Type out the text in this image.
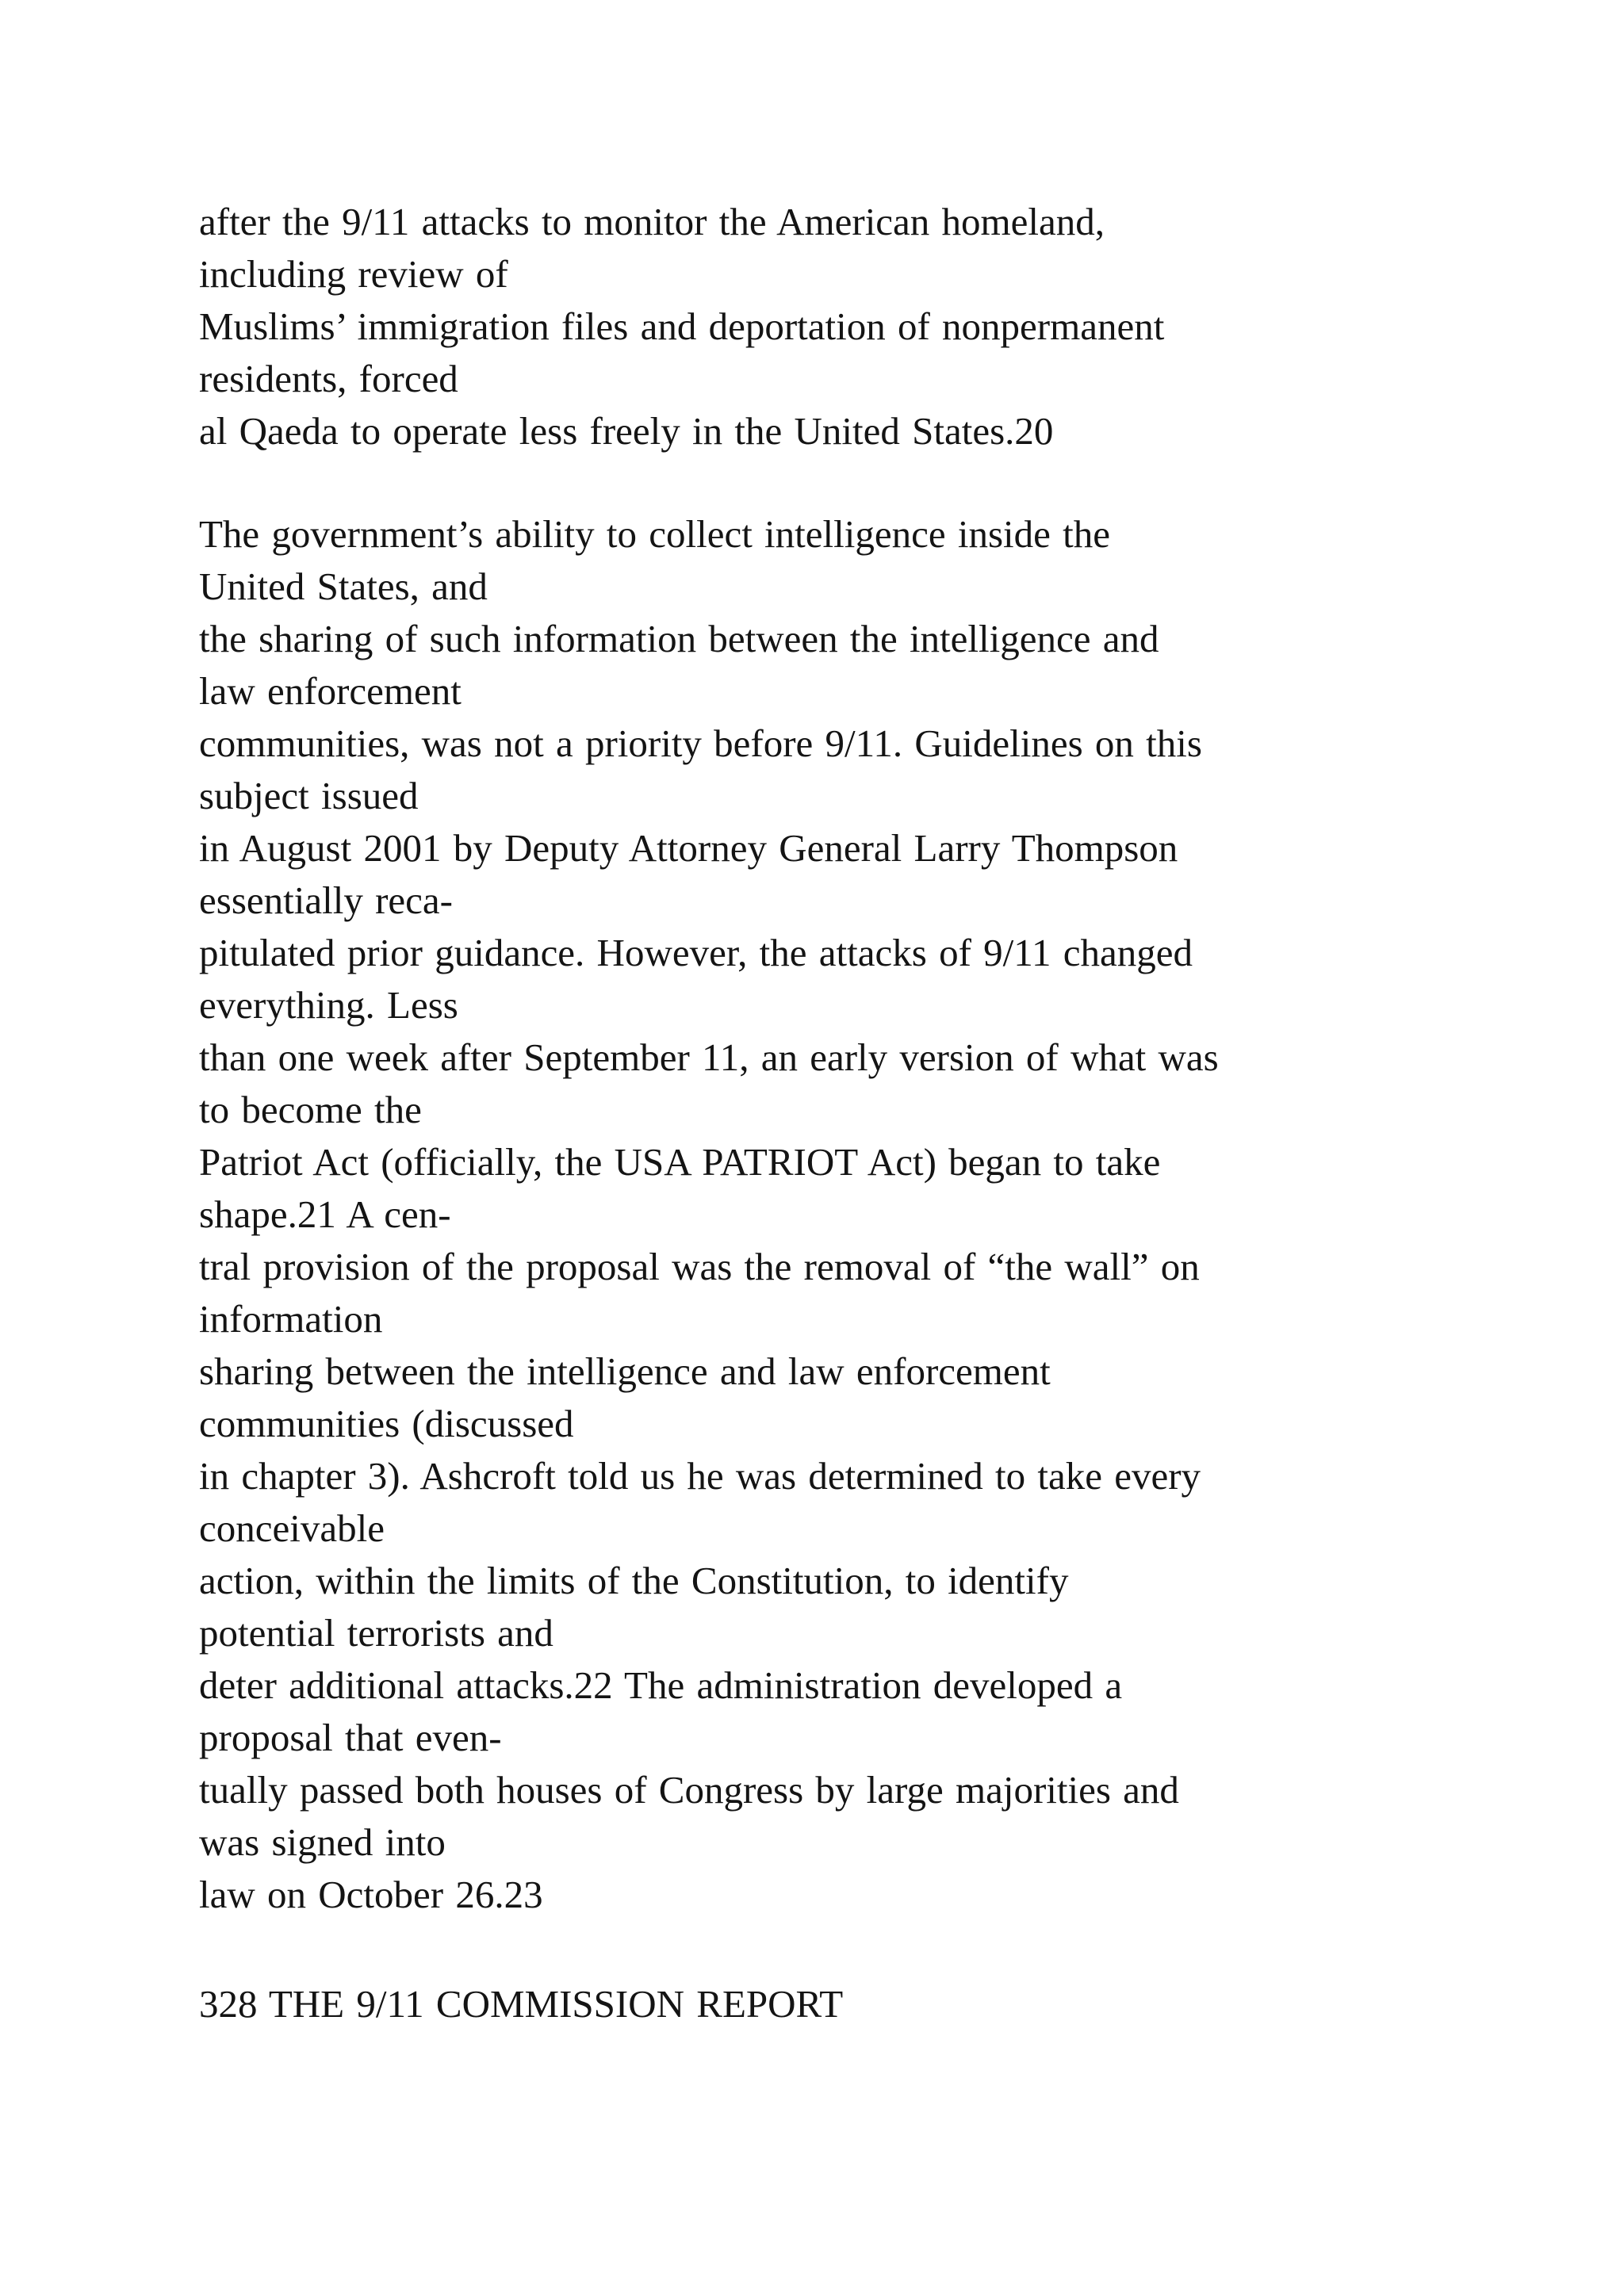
after the 9/11 attacks to monitor the American homeland,
including review of
Muslims’ immigration files and deportation of nonpermanent
residents, forced
al Qaeda to operate less freely in the United States.20
The government’s ability to collect intelligence inside the
United States, and
the sharing of such information between the intelligence and
law enforcement
communities, was not a priority before 9/11. Guidelines on this
subject issued
in August 2001 by Deputy Attorney General Larry Thompson
essentially reca-
pitulated prior guidance. However, the attacks of 9/11 changed
everything. Less
than one week after September 11, an early version of what was
to become the
Patriot Act (officially, the USA PATRIOT Act) began to take
shape.21 A cen-
tral provision of the proposal was the removal of “the wall” on
information
sharing between the intelligence and law enforcement
communities (discussed
in chapter 3). Ashcroft told us he was determined to take every
conceivable
action, within the limits of the Constitution, to identify
potential terrorists and
deter additional attacks.22 The administration developed a
proposal that even-
tually passed both houses of Congress by large majorities and
was signed into
law on October 26.23
328 THE 9/11 COMMISSION REPORT
